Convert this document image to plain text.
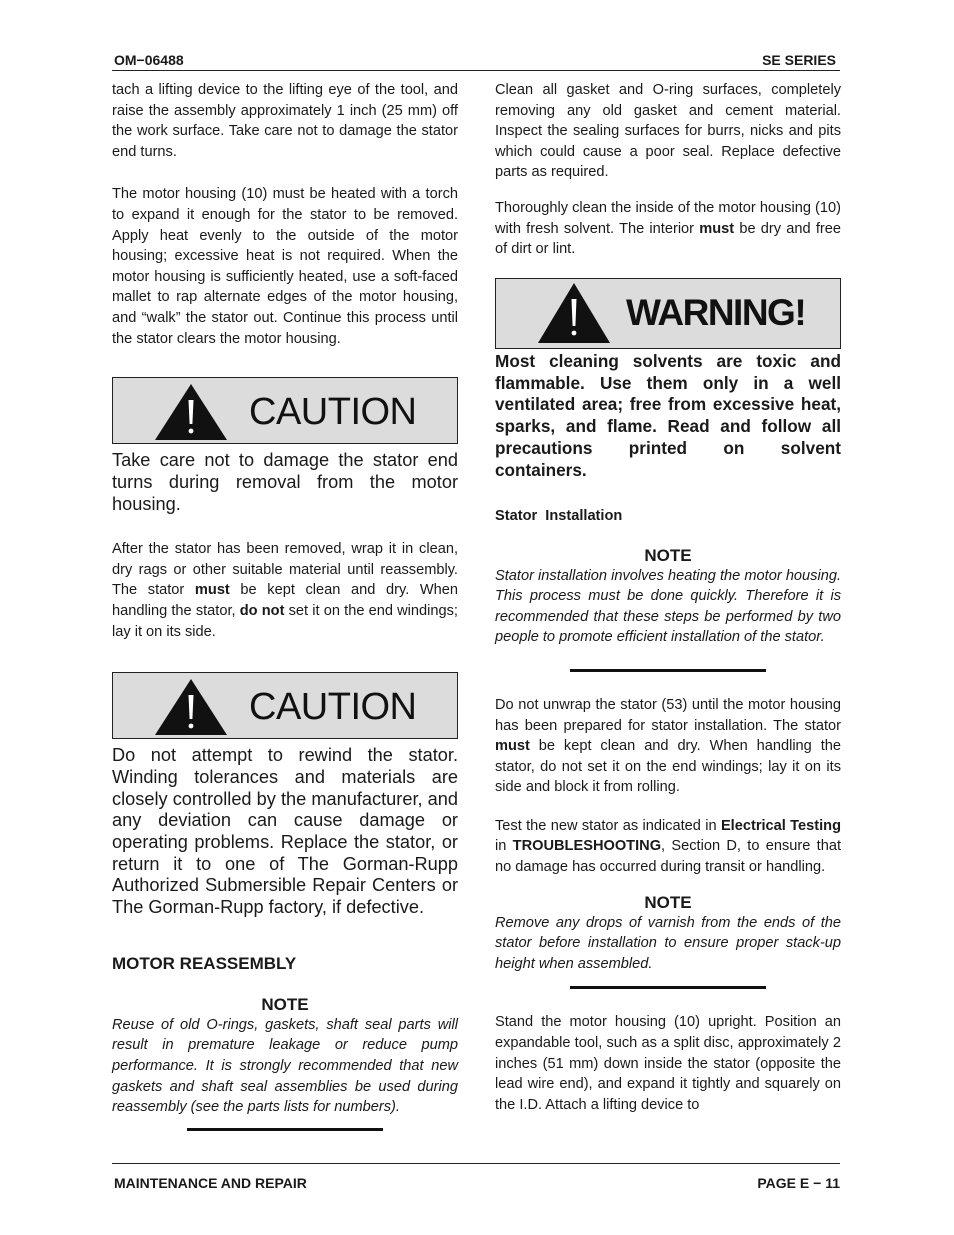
OM−06488	SE SERIES

tach a lifting device to the lifting eye of the tool, and raise the assembly approximately 1 inch (25 mm) off the work surface. Take care not to damage the stator end turns.

The motor housing (10) must be heated with a torch to expand it enough for the stator to be removed. Apply heat evenly to the outside of the motor housing; excessive heat is not required. When the motor housing is sufficiently heated, use a soft-faced mallet to rap alternate edges of the motor housing, and “walk” the stator out. Continue this process until the stator clears the motor housing.

CAUTION

Take care not to damage the stator end turns during removal from the motor housing.

After the stator has been removed, wrap it in clean, dry rags or other suitable material until reassembly. The stator must be kept clean and dry. When handling the stator, do not set it on the end windings; lay it on its side.

CAUTION

Do not attempt to rewind the stator. Winding tolerances and materials are closely controlled by the manufacturer, and any deviation can cause damage or operating problems. Replace the stator, or return it to one of The Gorman-Rupp Authorized Submersible Repair Centers or The Gorman-Rupp factory, if defective.

MOTOR REASSEMBLY
NOTE

Reuse of old O-rings, gaskets, shaft seal parts will result in premature leakage or reduce pump performance. It is strongly recommended that new gaskets and shaft seal assemblies be used during reassembly (see the parts lists for numbers).

Clean all gasket and O-ring surfaces, completely removing any old gasket and cement material. Inspect the sealing surfaces for burrs, nicks and pits which could cause a poor seal. Replace defective parts as required.

Thoroughly clean the inside of the motor housing (10) with fresh solvent. The interior must be dry and free of dirt or lint.

WARNING!

Most cleaning solvents are toxic and flammable. Use them only in a well ventilated area; free from excessive heat, sparks, and flame. Read and follow all precautions printed on solvent containers.

Stator  Installation
NOTE

Stator installation involves heating the motor housing. This process must be done quickly. Therefore it is recommended that these steps be performed by two people to promote efficient installation of the stator.

Do not unwrap the stator (53) until the motor housing has been prepared for stator installation. The stator must be kept clean and dry. When handling the stator, do not set it on the end windings; lay it on its side and block it from rolling.

Test the new stator as indicated in Electrical Testing in TROUBLESHOOTING, Section D, to ensure that no damage has occurred during transit or handling.

NOTE

Remove any drops of varnish from the ends of the stator before installation to ensure proper stack-up height when assembled.

Stand the motor housing (10) upright. Position an expandable tool, such as a split disc, approximately 2 inches (51 mm) down inside the stator (opposite the lead wire end), and expand it tightly and squarely on the I.D. Attach a lifting device to

MAINTENANCE AND REPAIR	PAGE E − 11
